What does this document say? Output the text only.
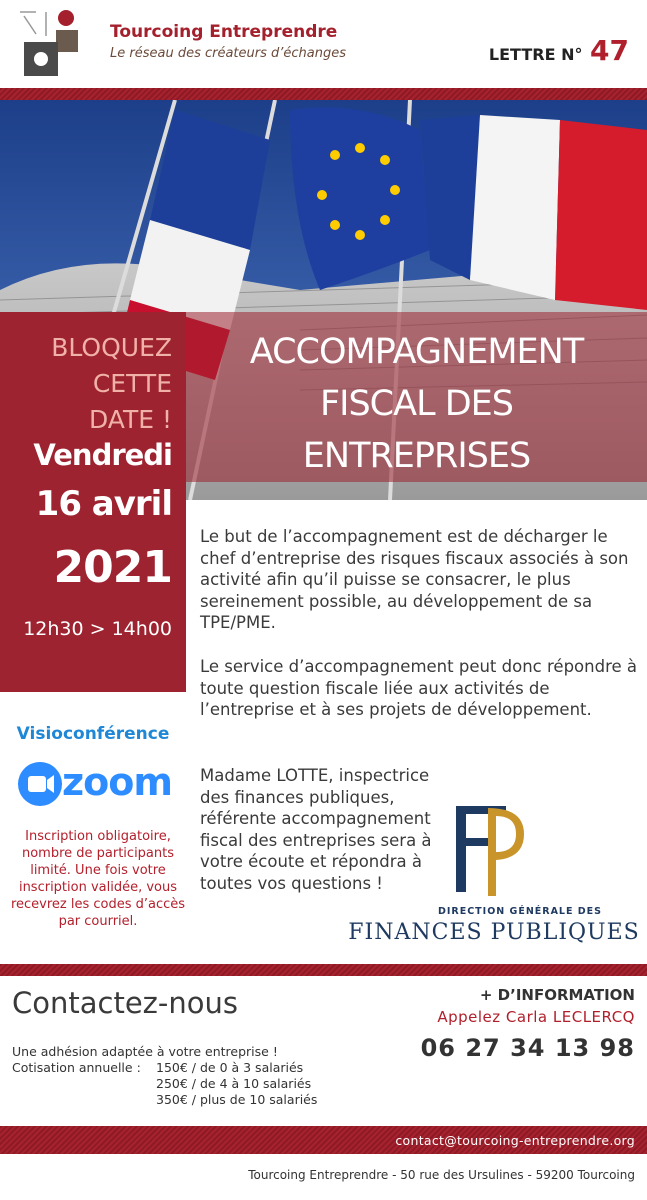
Tourcoing Entreprendre
Le réseau des créateurs d’échanges	LETTRE N° 47
BLOQUEZ
CETTE
DATE !
Vendredi
16 avril
2021
12h30 > 14h00
ACCOMPAGNEMENT
FISCAL DES
ENTREPRISES

Le but de l’accompagnement est de décharger le chef d’entreprise des risques fiscaux associés à son activité afin qu’il puisse se consacrer, le plus sereinement possible, au développement de sa TPE/PME.

Le service d’accompagnement peut donc répondre à toute question fiscale liée aux activités de l’entreprise et à ses projets de développement.

Madame LOTTE, inspectrice des finances publiques, référente accompagnement fiscal des entreprises sera à votre écoute et répondra à toutes vos questions !
Visioconférence
zoom
Inscription obligatoire, nombre de participants limité. Une fois votre inscription validée, vous recevrez les codes d’accès par courriel.
DIRECTION GÉNÉRALE DES
FINANCES PUBLIQUES
Contactez-nous
Une adhésion adaptée à votre entreprise !
Cotisation annuelle : 150€ / de 0 à 3 salariés
250€ / de 4 à 10 salariés
350€ / plus de 10 salariés
+ D’INFORMATION
Appelez Carla LECLERCQ
06 27 34 13 98
contact@tourcoing-entreprendre.org
Tourcoing Entreprendre - 50 rue des Ursulines - 59200 Tourcoing
